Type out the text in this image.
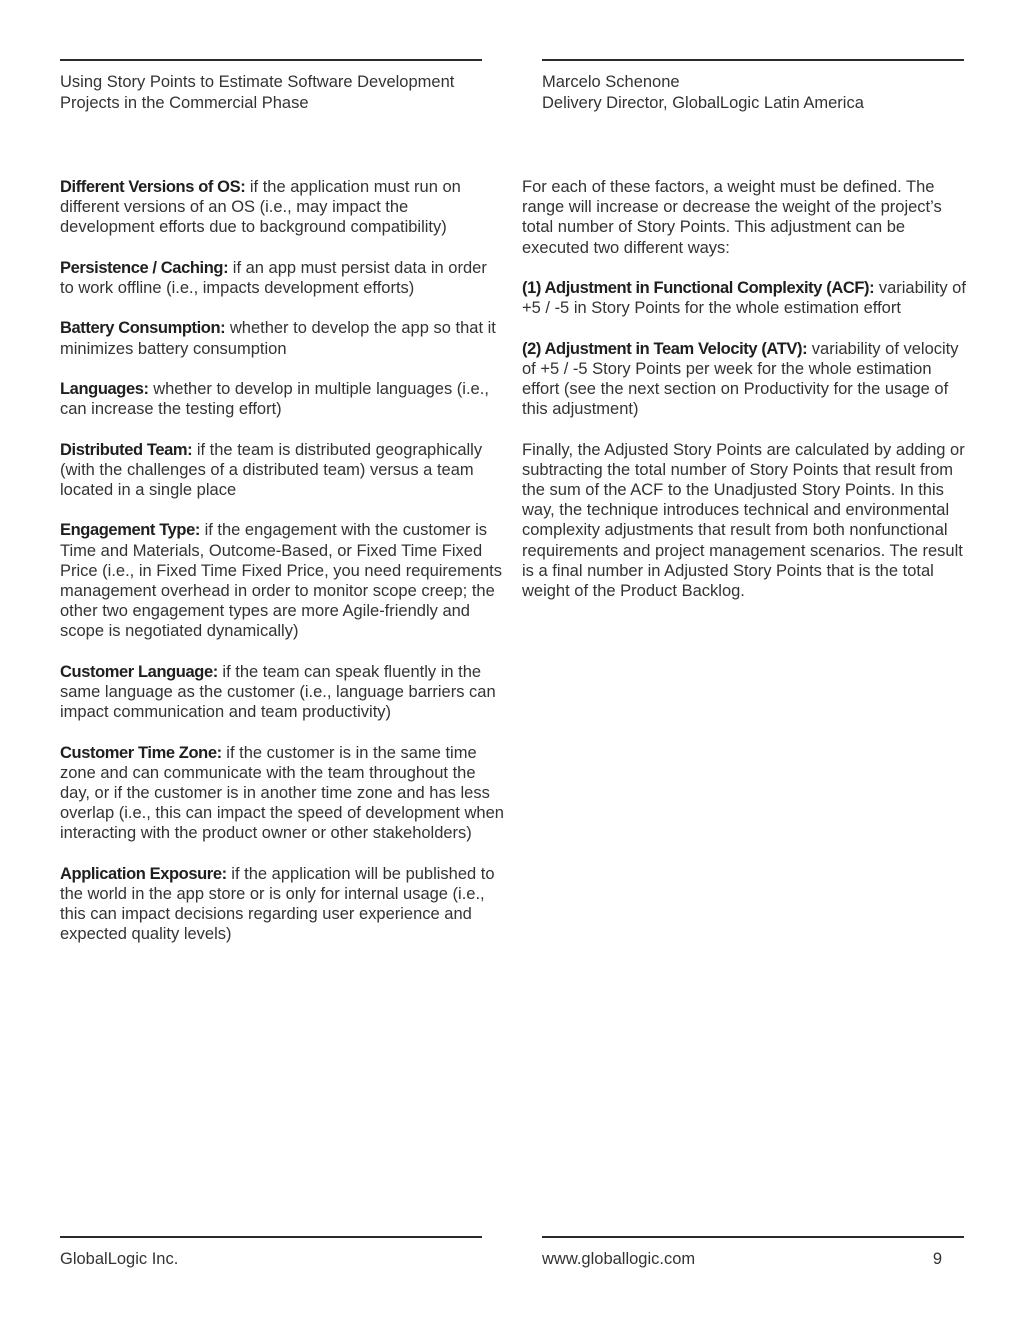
Using Story Points to Estimate Software Development
Projects in the Commercial Phase
Marcelo Schenone
Delivery Director, GlobalLogic Latin America

Different Versions of OS: if the application must run on different versions of an OS (i.e., may impact the development efforts due to background compatibility)

Persistence / Caching: if an app must persist data in order to work offline (i.e., impacts development efforts)

Battery Consumption: whether to develop the app so that it minimizes battery consumption

Languages: whether to develop in multiple languages (i.e., can increase the testing effort)

Distributed Team: if the team is distributed geographically (with the challenges of a distributed team) versus a team located in a single place

Engagement Type: if the engagement with the customer is Time and Materials, Outcome-Based, or Fixed Time Fixed Price (i.e., in Fixed Time Fixed Price, you need requirements management overhead in order to monitor scope creep; the other two engagement types are more Agile-friendly and scope is negotiated dynamically)

Customer Language: if the team can speak fluently in the same language as the customer (i.e., language barriers can impact communication and team productivity)

Customer Time Zone: if the customer is in the same time zone and can communicate with the team throughout the day, or if the customer is in another time zone and has less overlap (i.e., this can impact the speed of development when interacting with the product owner or other stakeholders)

Application Exposure: if the application will be published to the world in the app store or is only for internal usage (i.e., this can impact decisions regarding user experience and expected quality levels)

For each of these factors, a weight must be defined. The range will increase or decrease the weight of the project’s total number of Story Points. This adjustment can be executed two different ways:

(1) Adjustment in Functional Complexity (ACF): variability of +5 / -5 in Story Points for the whole estimation effort

(2) Adjustment in Team Velocity (ATV): variability of velocity of +5 / -5 Story Points per week for the whole estimation effort (see the next section on Productivity for the usage of this adjustment)

Finally, the Adjusted Story Points are calculated by adding or subtracting the total number of Story Points that result from the sum of the ACF to the Unadjusted Story Points. In this way, the technique introduces technical and environmental complexity adjustments that result from both nonfunctional requirements and project management scenarios. The result is a final number in Adjusted Story Points that is the total weight of the Product Backlog.

GlobalLogic Inc.	www.globallogic.com	9
